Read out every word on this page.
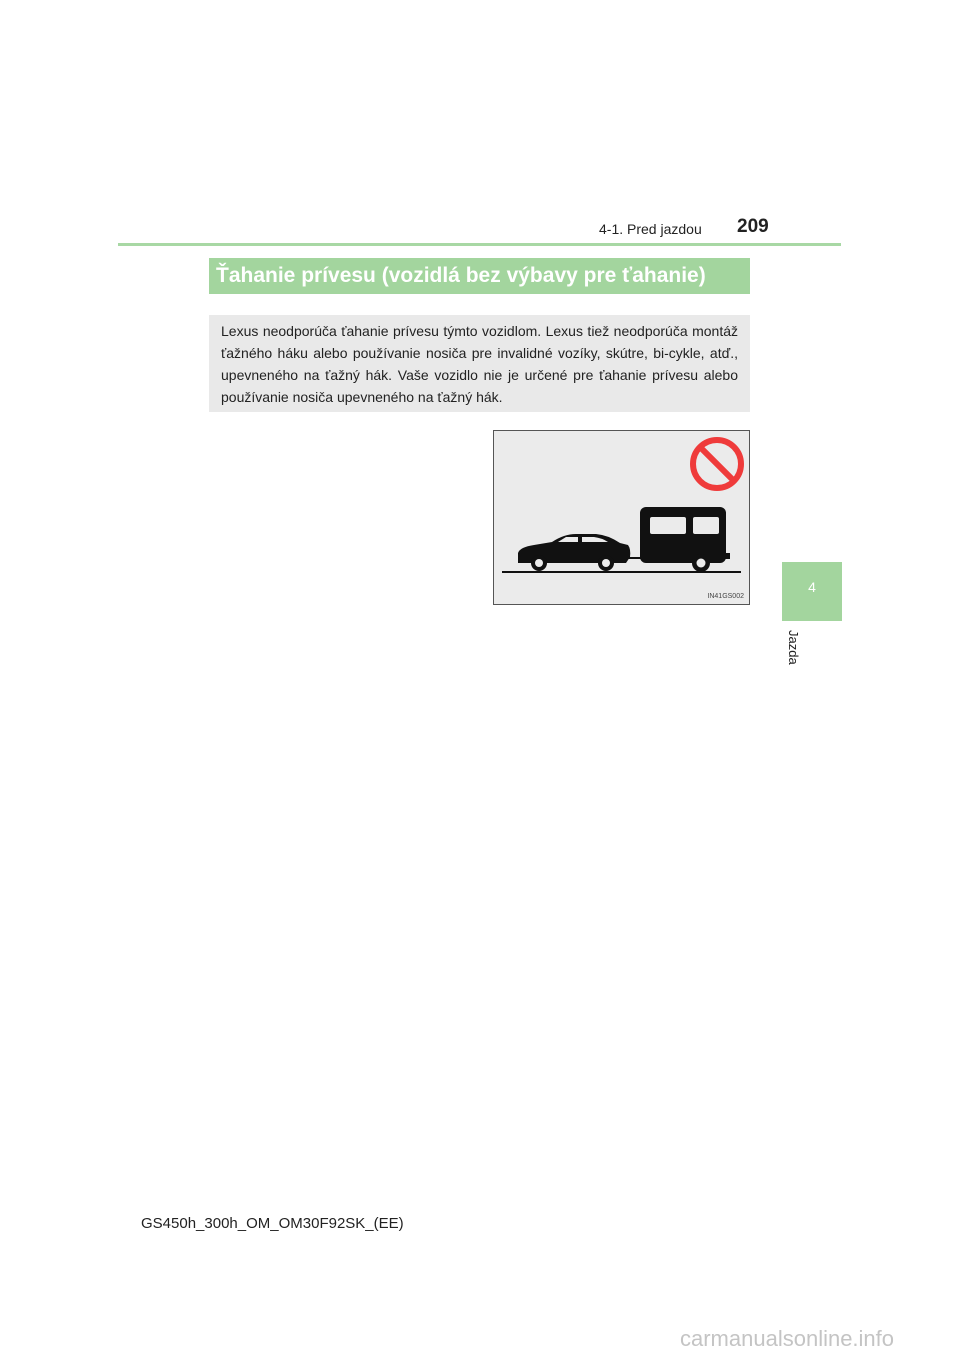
4-1. Pred jazdou 209
Ťahanie prívesu (vozidlá bez výbavy pre ťahanie)
Lexus neodporúča ťahanie prívesu týmto vozidlom. Lexus tiež neodporúča montáž ťažného háku alebo používanie nosiča pre invalidné vozíky, skútre, bi-cykle, atď., upevneného na ťažný hák. Vaše vozidlo nie je určené pre ťahanie prívesu alebo používanie nosiča upevneného na ťažný hák.
IN41GS002
4
Jazda
GS450h_300h_OM_OM30F92SK_(EE)
carmanualsonline.info
